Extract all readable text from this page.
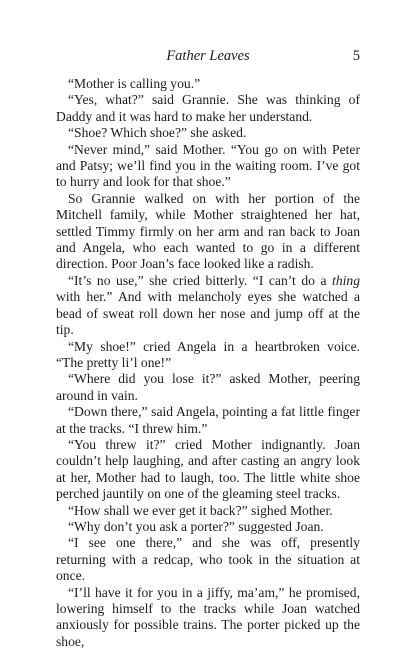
Father Leaves	5

“Mother is calling you.”

“Yes, what?” said Grannie. She was thinking of Daddy and it was hard to make her understand.

“Shoe? Which shoe?” she asked.

“Never mind,” said Mother. “You go on with Peter and Patsy; we’ll find you in the waiting room. I’ve got to hurry and look for that shoe.”

So Grannie walked on with her portion of the Mitchell family, while Mother straightened her hat, settled Timmy firmly on her arm and ran back to Joan and Angela, who each wanted to go in a different direction. Poor Joan’s face looked like a radish.

“It’s no use,” she cried bitterly. “I can’t do a thing with her.” And with melancholy eyes she watched a bead of sweat roll down her nose and jump off at the tip.

“My shoe!” cried Angela in a heartbroken voice. “The pretty li’l one!”

“Where did you lose it?” asked Mother, peering around in vain.

“Down there,” said Angela, pointing a fat little finger at the tracks. “I threw him.”

“You threw it?” cried Mother indignantly. Joan couldn’t help laughing, and after casting an angry look at her, Mother had to laugh, too. The little white shoe perched jauntily on one of the gleaming steel tracks.

“How shall we ever get it back?” sighed Mother.

“Why don’t you ask a porter?” suggested Joan.

“I see one there,” and she was off, presently returning with a redcap, who took in the situation at once.

“I’ll have it for you in a jiffy, ma’am,” he promised, lowering himself to the tracks while Joan watched anxiously for possible trains. The porter picked up the shoe,
